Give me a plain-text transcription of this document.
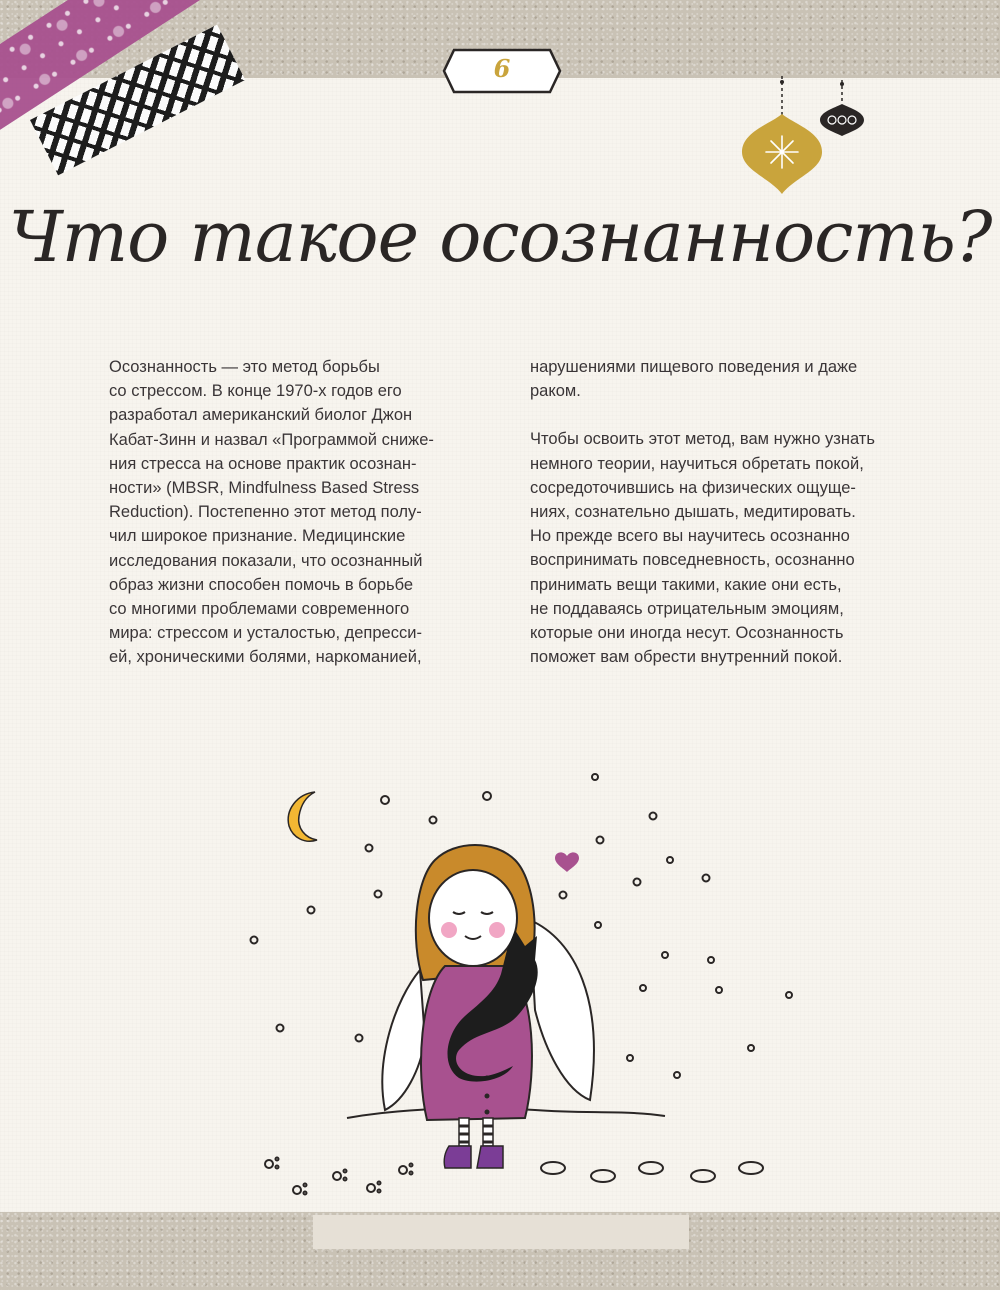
6
Что такое осознанность?

Осознанность — это метод борьбы
со стрессом. В конце 1970-х годов его
разработал американский биолог Джон
Кабат-Зинн и назвал «Программой сниже-
ния стресса на основе практик осознан-
ности» (MBSR, Mindfulness Based Stress
Reduction). Постепенно этот метод полу-
чил широкое признание. Медицинские
исследования показали, что осознанный
образ жизни способен помочь в борьбе
со многими проблемами современного
мира: стрессом и усталостью, депресси-
ей, хроническими болями, наркоманией,

нарушениями пищевого поведения и даже
раком.

Чтобы освоить этот метод, вам нужно узнать
немного теории, научиться обретать покой,
сосредоточившись на физических ощуще-
ниях, сознательно дышать, медитировать.
Но прежде всего вы научитесь осознанно
воспринимать повседневность, осознанно
принимать вещи такими, какие они есть,
не поддаваясь отрицательным эмоциям,
которые они иногда несут. Осознанность
поможет вам обрести внутренний покой.
